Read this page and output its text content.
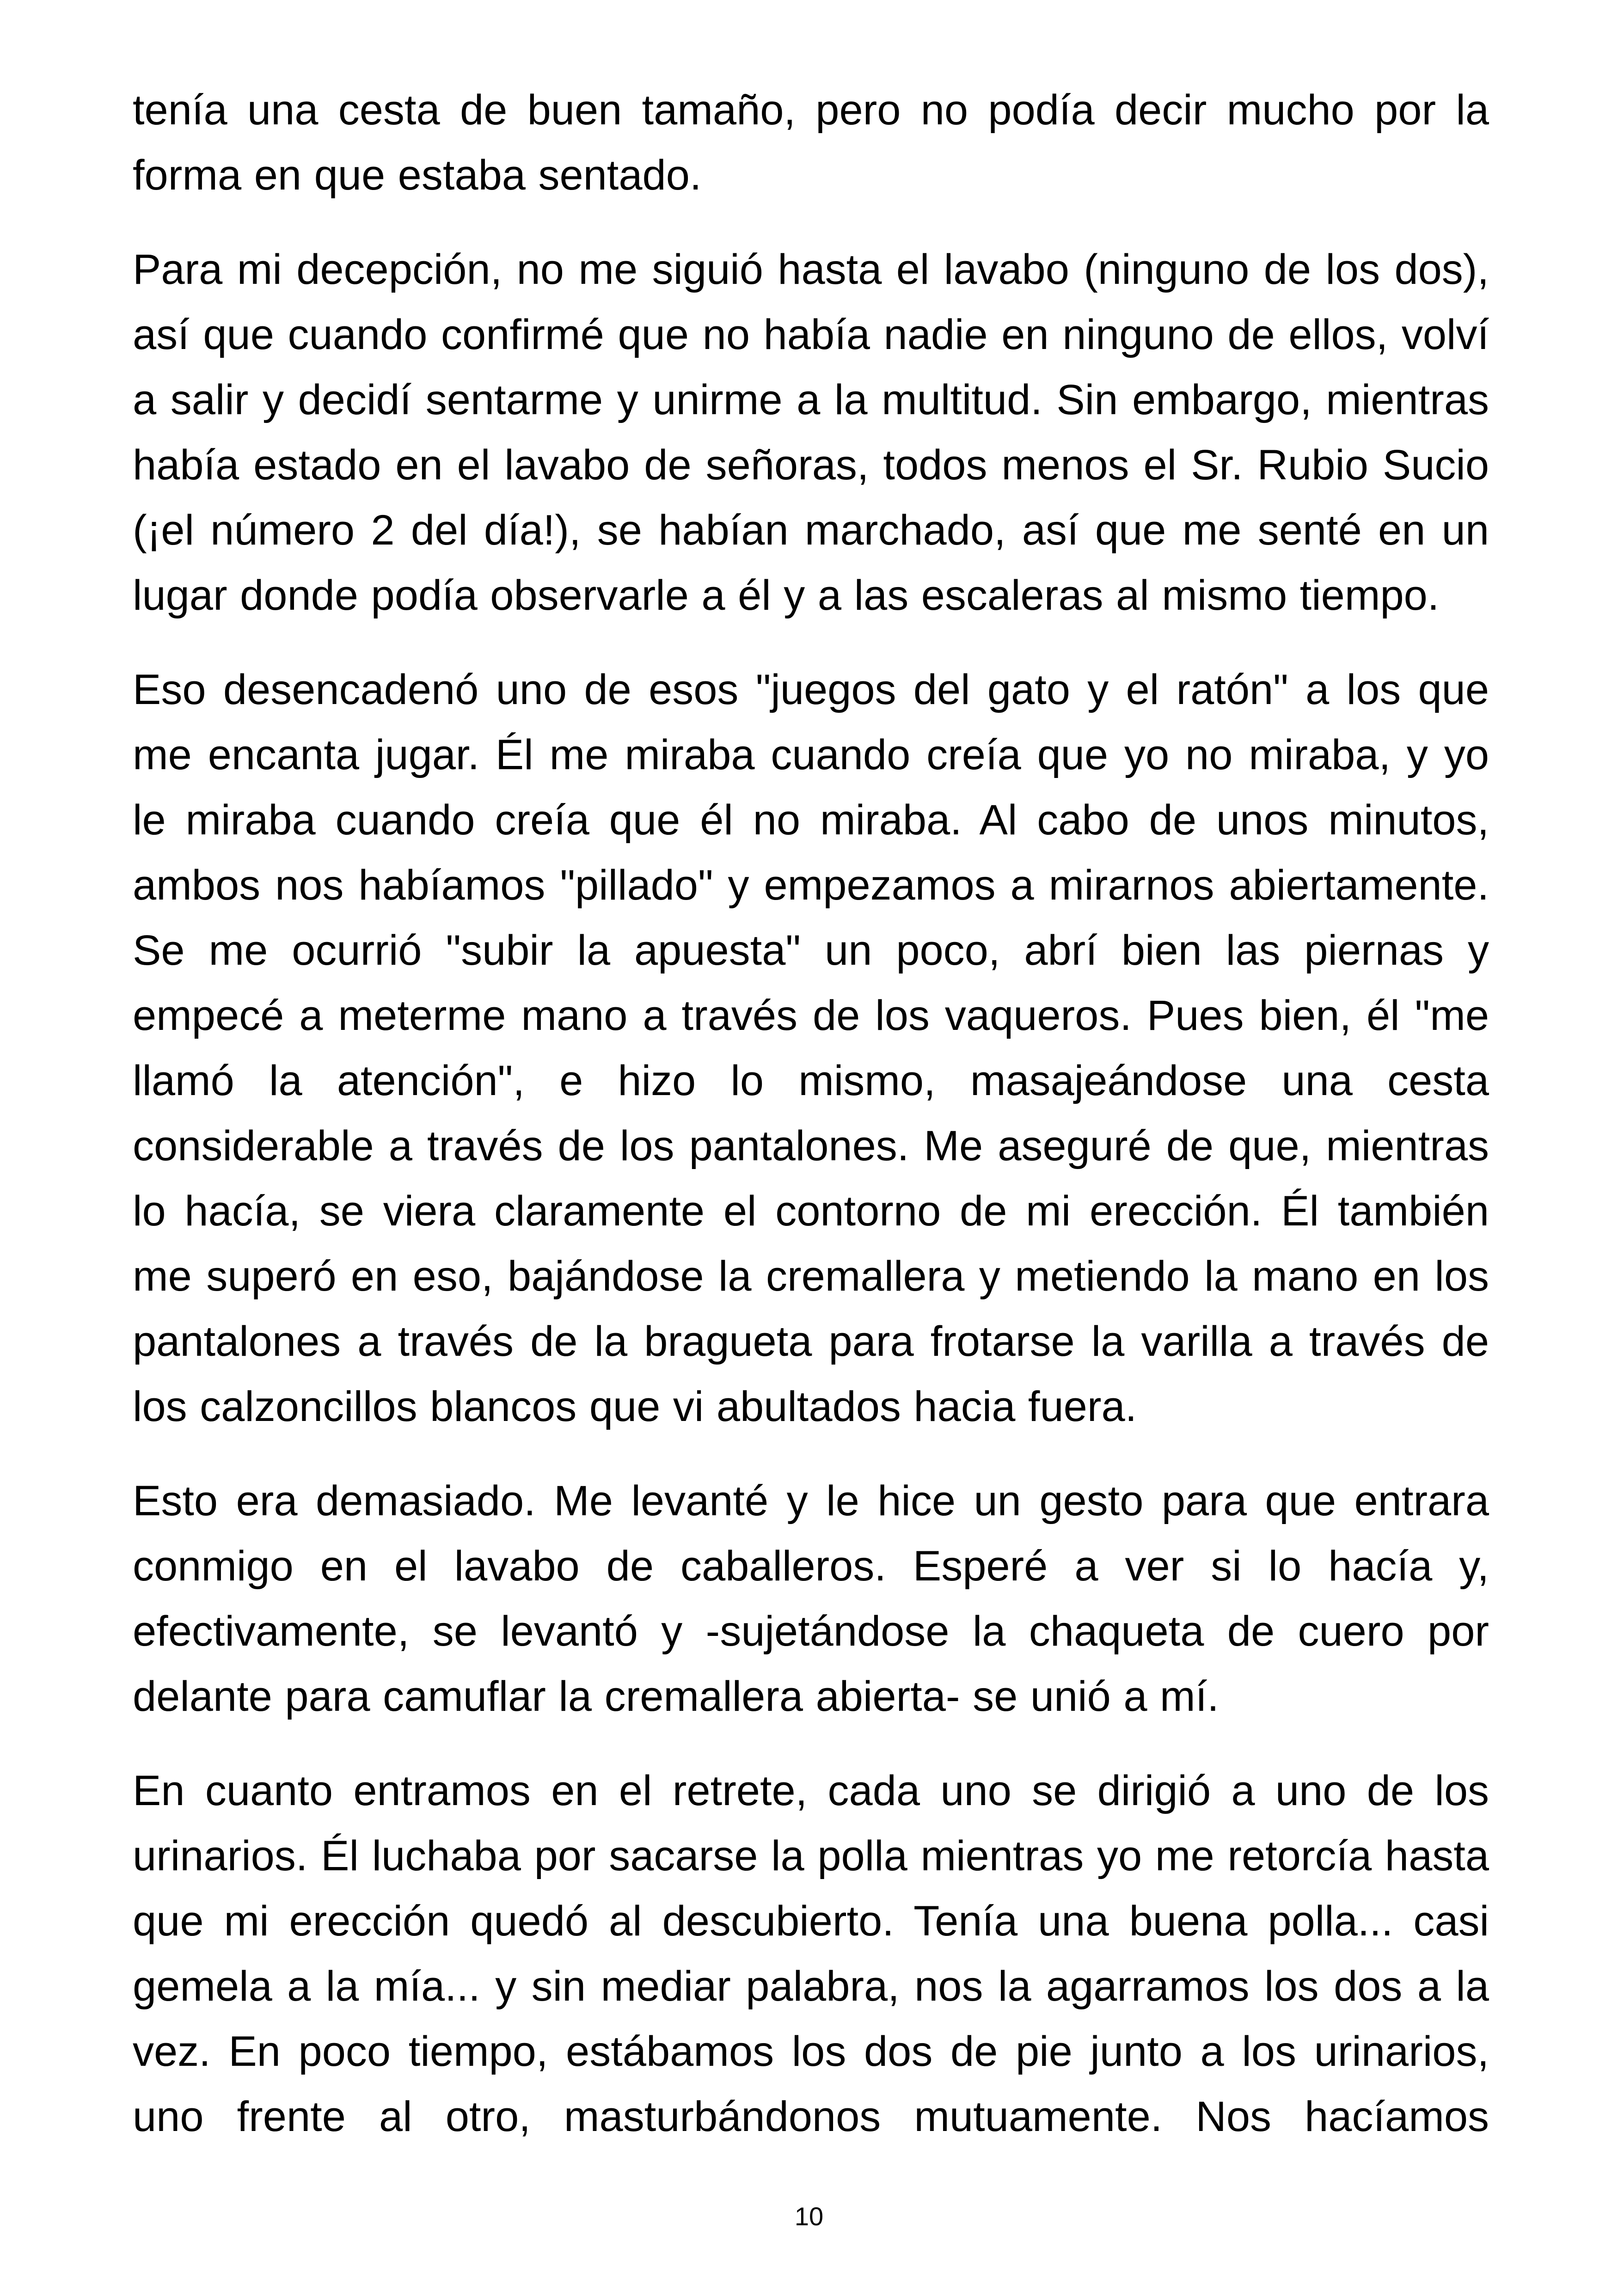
tenía una cesta de buen tamaño, pero no podía decir mucho por la forma en que estaba sentado.

Para mi decepción, no me siguió hasta el lavabo (ninguno de los dos), así que cuando confirmé que no había nadie en ninguno de ellos, volví a salir y decidí sentarme y unirme a la multitud. Sin embargo, mientras había estado en el lavabo de señoras, todos menos el Sr. Rubio Sucio (¡el número 2 del día!), se habían marchado, así que me senté en un lugar donde podía observarle a él y a las escaleras al mismo tiempo.

Eso desencadenó uno de esos "juegos del gato y el ratón" a los que me encanta jugar. Él me miraba cuando creía que yo no miraba, y yo le miraba cuando creía que él no miraba. Al cabo de unos minutos, ambos nos habíamos "pillado" y empezamos a mirarnos abiertamente. Se me ocurrió "subir la apuesta" un poco, abrí bien las piernas y empecé a meterme mano a través de los vaqueros. Pues bien, él "me llamó la atención", e hizo lo mismo, masajeándose una cesta considerable a través de los pantalones. Me aseguré de que, mientras lo hacía, se viera claramente el contorno de mi erección. Él también me superó en eso, bajándose la cremallera y metiendo la mano en los pantalones a través de la bragueta para frotarse la varilla a través de los calzoncillos blancos que vi abultados hacia fuera.

Esto era demasiado. Me levanté y le hice un gesto para que entrara conmigo en el lavabo de caballeros. Esperé a ver si lo hacía y, efectivamente, se levantó y -sujetándose la chaqueta de cuero por delante para camuflar la cremallera abierta- se unió a mí.

En cuanto entramos en el retrete, cada uno se dirigió a uno de los urinarios. Él luchaba por sacarse la polla mientras yo me retorcía hasta que mi erección quedó al descubierto. Tenía una buena polla... casi gemela a la mía... y sin mediar palabra, nos la agarramos los dos a la vez. En poco tiempo, estábamos los dos de pie junto a los urinarios, uno frente al otro, masturbándonos mutuamente. Nos hacíamos

10
